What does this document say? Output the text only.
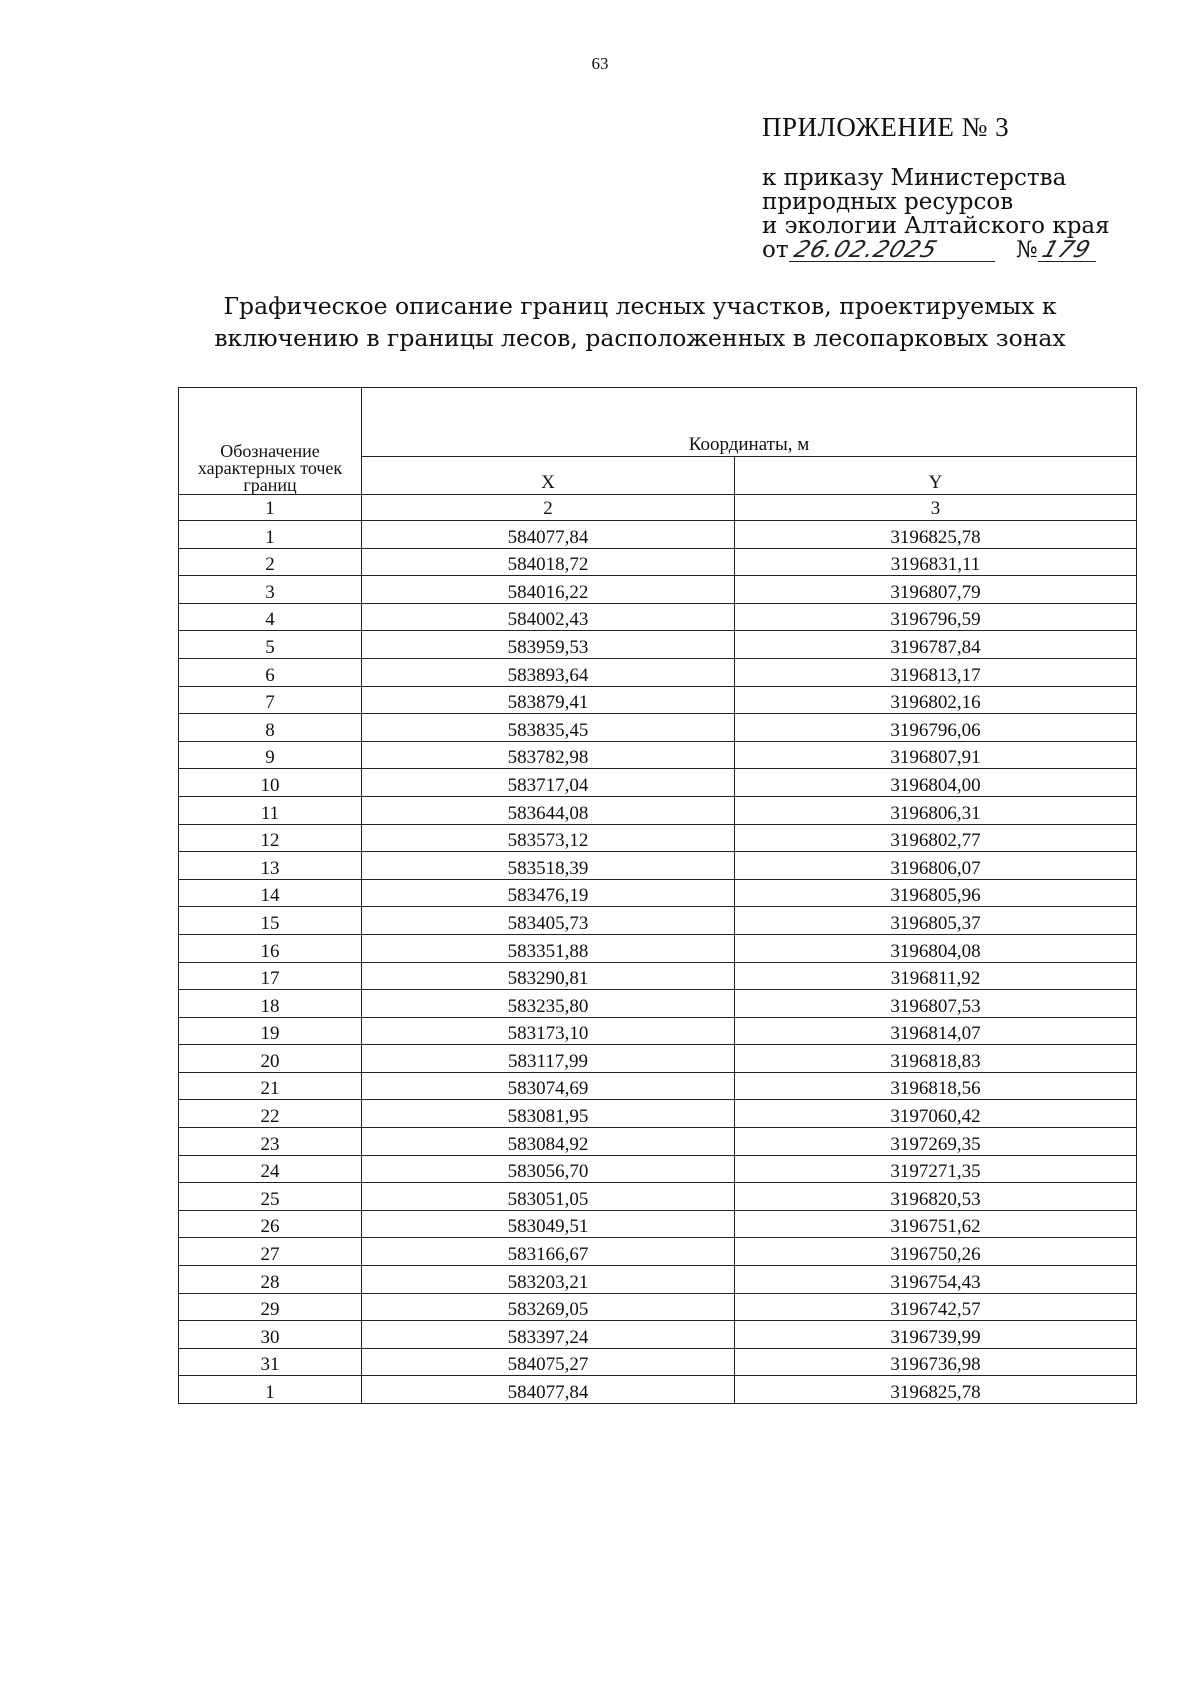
63
ПРИЛОЖЕНИЕ № 3
к приказу Министерства
природных ресурсов
и экологии Алтайского края
от26.02.2025	№179
Графическое описание границ лесных участков, проектируемых к
включению в границы лесов, расположенных в лесопарковых зонах
Обозначение характерных точек границ	Координаты, м	
	X	Y
1	2	3
1	584077,84	3196825,78
2	584018,72	3196831,11
3	584016,22	3196807,79
4	584002,43	3196796,59
5	583959,53	3196787,84
6	583893,64	3196813,17
7	583879,41	3196802,16
8	583835,45	3196796,06
9	583782,98	3196807,91
10	583717,04	3196804,00
11	583644,08	3196806,31
12	583573,12	3196802,77
13	583518,39	3196806,07
14	583476,19	3196805,96
15	583405,73	3196805,37
16	583351,88	3196804,08
17	583290,81	3196811,92
18	583235,80	3196807,53
19	583173,10	3196814,07
20	583117,99	3196818,83
21	583074,69	3196818,56
22	583081,95	3197060,42
23	583084,92	3197269,35
24	583056,70	3197271,35
25	583051,05	3196820,53
26	583049,51	3196751,62
27	583166,67	3196750,26
28	583203,21	3196754,43
29	583269,05	3196742,57
30	583397,24	3196739,99
31	584075,27	3196736,98
1	584077,84	3196825,78
